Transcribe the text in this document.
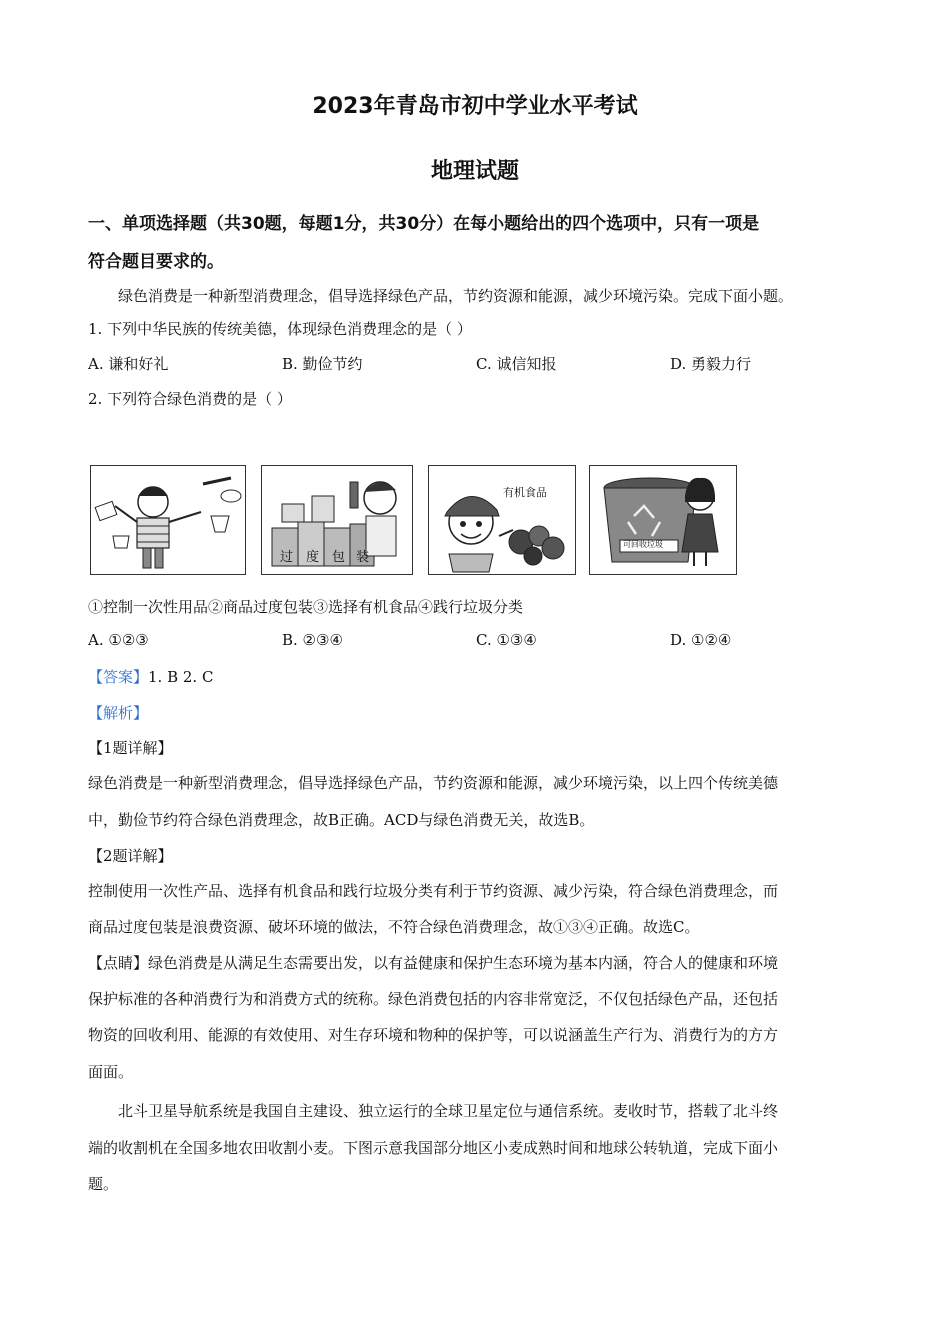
2023年青岛市初中学业水平考试
地理试题
一、单项选择题（共30题，每题1分，共30分）在每小题给出的四个选项中，只有一项是
符合题目要求的。
绿色消费是一种新型消费理念，倡导选择绿色产品，节约资源和能源，减少环境污染。完成下面小题。
1. 下列中华民族的传统美德，体现绿色消费理念的是（ ）
A. 谦和好礼	B. 勤俭节约	C. 诚信知报	D. 勇毅力行
2. 下列符合绿色消费的是（ ）
过 度 包 装
有机食品
可回收垃圾
①控制一次性用品②商品过度包装③选择有机食品④践行垃圾分类
A. ①②③	B. ②③④	C. ①③④	D. ①②④
【答案】1. B 2. C
【解析】
【1题详解】
绿色消费是一种新型消费理念，倡导选择绿色产品，节约资源和能源，减少环境污染，以上四个传统美德
中，勤俭节约符合绿色消费理念，故B正确。ACD与绿色消费无关，故选B。
【2题详解】
控制使用一次性产品、选择有机食品和践行垃圾分类有利于节约资源、减少污染，符合绿色消费理念，而
商品过度包装是浪费资源、破坏环境的做法，不符合绿色消费理念，故①③④正确。故选C。
【点睛】绿色消费是从满足生态需要出发，以有益健康和保护生态环境为基本内涵，符合人的健康和环境
保护标准的各种消费行为和消费方式的统称。绿色消费包括的内容非常宽泛，不仅包括绿色产品，还包括
物资的回收利用、能源的有效使用、对生存环境和物种的保护等，可以说涵盖生产行为、消费行为的方方
面面。
北斗卫星导航系统是我国自主建设、独立运行的全球卫星定位与通信系统。麦收时节，搭载了北斗终
端的收割机在全国多地农田收割小麦。下图示意我国部分地区小麦成熟时间和地球公转轨道，完成下面小
题。
